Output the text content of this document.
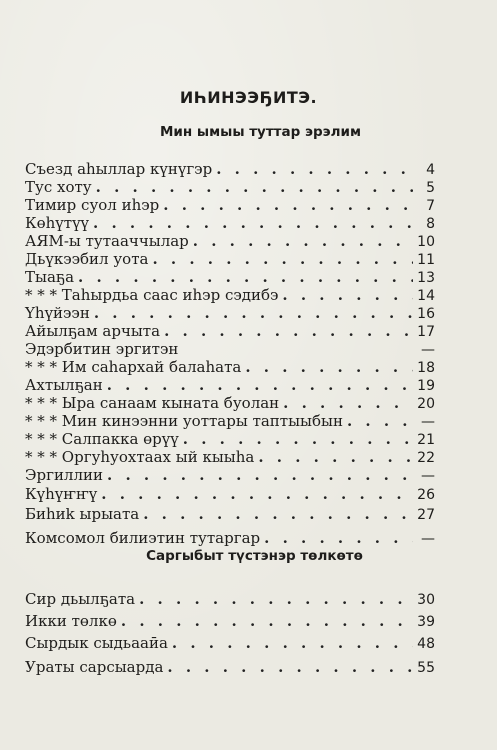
ИҺИНЭЭҔИТЭ.
Мин ымыы туттар эрэлим
Съезд аһыллар күнүгэр . . .	4
Тус хоту . . .	5
Тимир суол иһэр . . .	7
Көһүтүү . . .	8
АЯМ-ы тутааччылар . . .	10
Дьүкээбил уота . . .	11
Тыаҕа . . .	13
* * * Таһырдьа саас иһэр сэдибэ . . .	14
Үһүйээн . . .	16
Айылҕам арчыта . . .	17
Эдэрбитин эргитэн	—
* * * Им саһархай балаһата . . .	18
Ахтылҕан . . .	19
* * * Ыра санаам кыната буолан . . .	20
* * * Мин кинээнни уоттары таптыыбын . . .	—
* * * Салпакка өрүү . . .	21
* * * Оргуһуохтаах ый кыыһа . . .	22
Эргиллии . . .	—
Күһүҥҥү . . .	26
Биһиk ырыата . . .	27
Комсомол билиэтин тутаргар . . .	—
Саргыбыт түстэнэр төлкөтө
Сир дьылҕата . . .	30
Икки төлкө . . .	39
Сырдык сыдьааӣа . . .	48
Ураты сарсыарда . . .	55
